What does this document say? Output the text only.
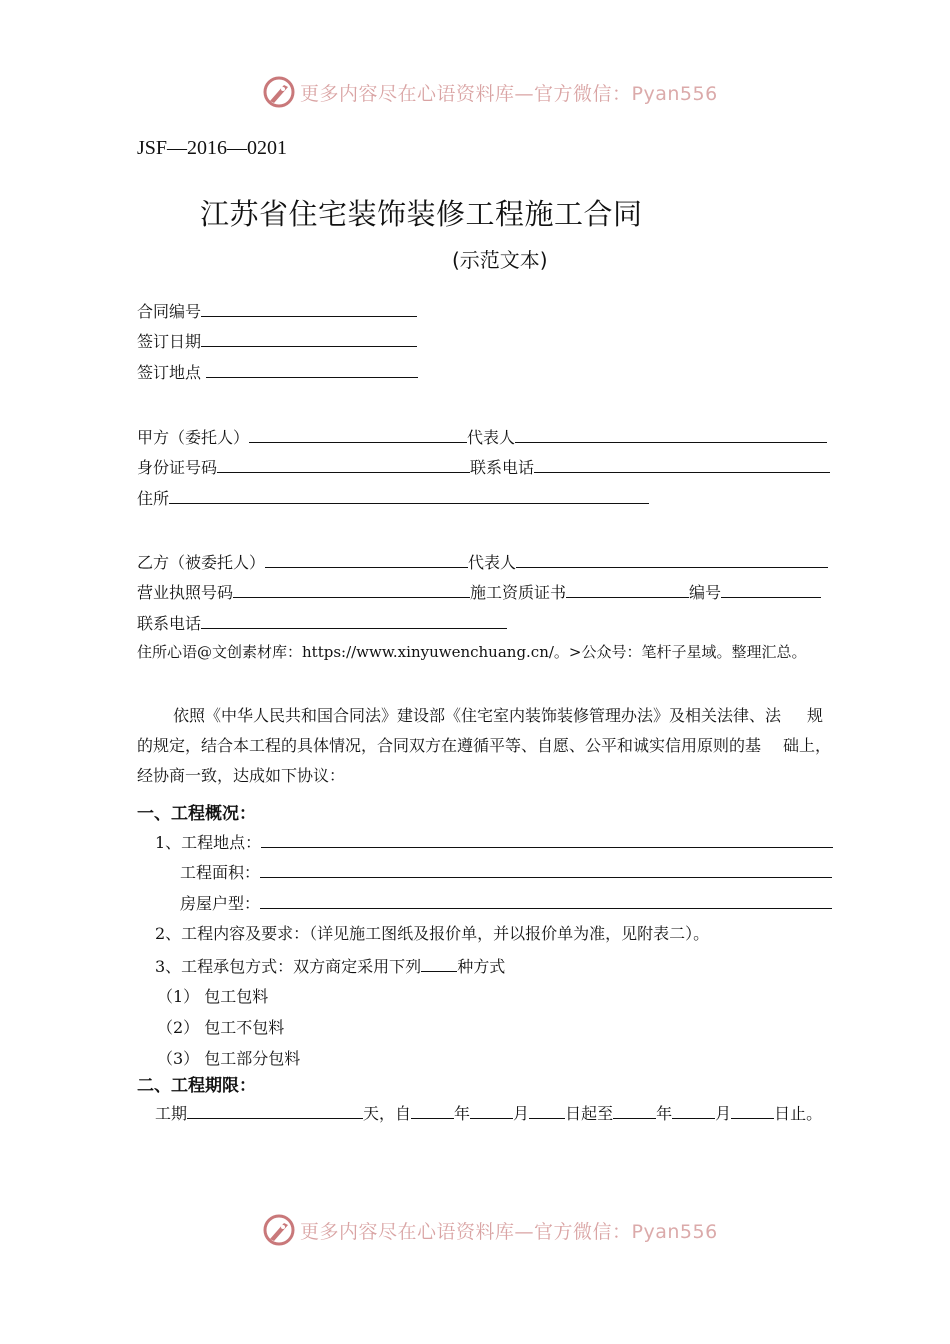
更多内容尽在心语资料库—官方微信：Pyan556
JSF—2016—0201
江苏省住宅装饰装修工程施工合同
(示范文本)
合同编号
签订日期
签订地点
甲方（委托人）	代表人
身份证号码	联系电话
住所
乙方（被委托人）	代表人
营业执照号码	施工资质证书	编号
联系电话
住所心语@文创素材库：https://www.xinyuwenchuang.cn/。>公众号：笔杆子星域。整理汇总。
依照《中华人民共和国合同法》建设部《住宅室内装饰装修管理办法》及相关法律、法 规
的规定，结合本工程的具体情况，合同双方在遵循平等、自愿、公平和诚实信用原则的基 础上，
经协商一致，达成如下协议：
一、工程概况：
1、工程地点：
工程面积：
房屋户型：
2、工程内容及要求：（详见施工图纸及报价单，并以报价单为准，见附表二）。
3、工程承包方式：双方商定采用下列 种方式
（1） 包工包料
（2） 包工不包料
（3） 包工部分包料
二、工程期限：
工期	天，自	年	月 日起至	年	月	日止。
更多内容尽在心语资料库—官方微信：Pyan556
